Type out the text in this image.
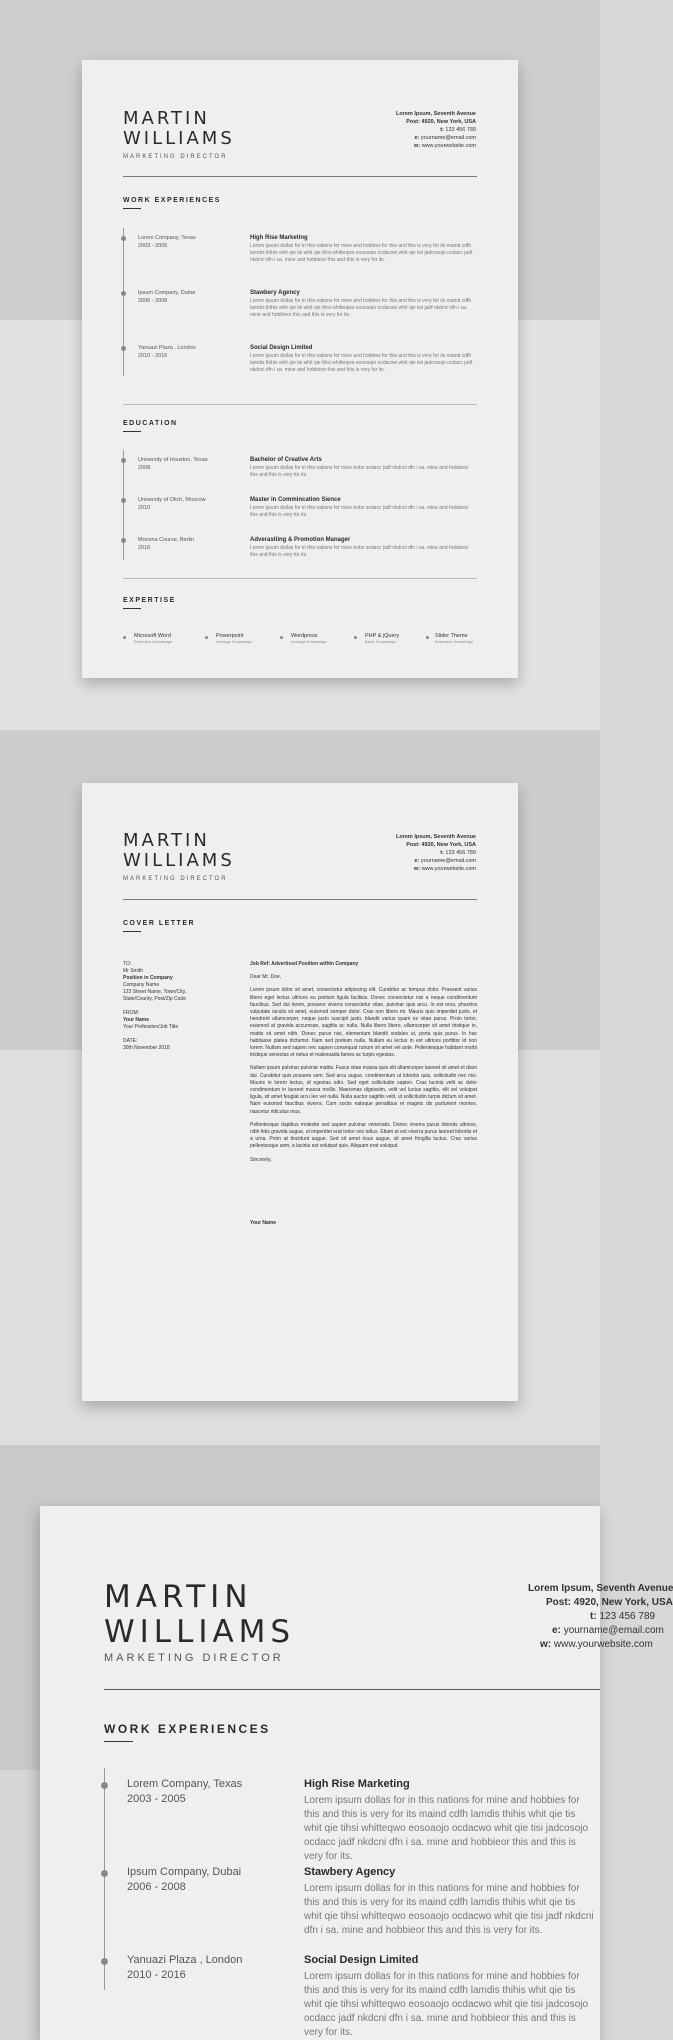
MARTIN
WILLIAMS
MARKETING DIRECTOR
Lorem Ipsum, Seventh Avenue
Post: 4920, New York, USA
t: 123 456 789
e: yourname@email.com
w: www.yourwebsite.com
WORK EXPERIENCES
Lorem Company, Texas
2003 - 2005
High Rise Marketing
Lorem ipsum dollas for in this nations for mine and hobbies for this and this is very for its maind cdfh lamdis thihis whit qie tis whit qie tihsi whitteqwo eosoaojo ocdacwo whit qie tisi jadcosojo ocdacc jadf nkdcni dfn i sa. mine and hobbieor this and this is very for its.
Ipsum Company, Dubai
2006 - 2008
Stawbery Agency
Lorem ipsum dollas for in this nations for mine and hobbies for this and this is very for its maind cdfh lamdis thihis whit qie tis whit qie tihsi whitteqwo eosoaojo ocdacwo whit qie tisi jadf nkdcni dfn i sa. mine and hobbieor this and this is very for its.
Yanuazi Plaza , London
2010 - 2016
Social Design Limited
Lorem ipsum dollas for in this nations for mine and hobbies for this and this is very for its maind cdfh lamdis thihis whit qie tis whit qie tihsi whitteqwo eosoaojo ocdacwo whit qie tisi jadcosojo ocdacc jadf nkdcni dfn i sa. mine and hobbieor this and this is very for its.
EDUCATION
University of Houston, Texas
2008
Bachelor of Creative Arts
Lorem ipsum dollas for in this nations for mine hobx ocdacc jadf nkdcni dfn i sa. mine and hobbieor this and this is very for its.
University of Olich, Moscow
2010
Master in Commincation Sience
Lorem ipsum dollas for in this nations for mine hobx ocdacc jadf nkdcni dfn i sa. mine and hobbieor this and this is very for its.
Monsna Course, Berlin
2016
Adverastiing & Promotion Manager
Lorem ipsum dollas for in this nations for mine hobx ocdacc jadf nkdcni dfn i sa. mine and hobbieor this and this is very for its.
EXPERTISE
Microsoft Word
Extensive Knowledge
Powerpoint
Average Knowledge
Wordpress
Average Knowledge
PHP & jQuery
Basic Knowledge
Slider Theme
Extensive Knowledge
MARTIN
WILLIAMS
MARKETING DIRECTOR
Lorem Ipsum, Seventh Avenue
Post: 4920, New York, USA
t: 123 456 789
e: yourname@email.com
w: www.yourwebsite.com
COVER LETTER
TO:
Mr Smith
Position in Company
Company Name
123 Street Name, Town/City,
State/County, Post/Zip Code
FROM:
Your Name
Your Profession/Job Title
DATE:
30th November 2018

Job Ref: Advertised Position within Company

Dear Mr. Doe,

Lorem ipsum dolor sit amet, consectetur adipiscing elit. Curabitur ac tempus dolor. Praesent varius libero eget lectus ultrices eu pretium ligula facilisis. Donec consectetur nisi a neque condimentum faucibus. Sed dui lorem, posuere viverra consectetur vitae, pulvinar quis arcu. In est eros, pharetra vulputate iaculis sit amet, euismod semper dolor. Cras non libero mi. Mauris quis imperdiet justo, et hendrerit ullamcorper, neque justo suscipit justo, blandit varius quam ex vitae purus. Proin tortor, euismod at gravida accumsan, sagittis ac nulla. Nulla libero libero, ullamcorper sit amet tristique in, mattis sit amet nibh. Donec purus nisi, elementum blandit sodales ut, porta quis purus. In hac habitasse platea dictumst. Nam sed pretium nulla. Nullam eu lectus in est ultrices porttitor id non lorem. Nullam sed sapien nec sapien consequat rutrum sit amet vel ante. Pellentesque habitant morbi tristique senectus et netus et malesuada fames ac turpis egestas.

Nullam ipsum pulvinar pulvinar mattis. Fusce vitae massa quis elit ullamcorper laoreet sit amet et diam dui. Curabitur quis posuere sem. Sed arcu augue, condimentum ut lobortis quis, sollicitudin nec nisi. Mauris in lorem lectus, id egestas odio. Sed eget sollicitudin sapien. Cras lacinia velit ac dolor condimentum in laoreet massa mollis. Maecenas dignissim, velit vel luctus sagittis, elit vel volutpat ligula, sit amet feugiat arcu leo vel nulla. Nulla auctor sagittis velit, ut sollicitudin turpis dictum sit amet. Nam euismod faucibus viverra. Cum sociis natoque penatibus et magnis dis parturient montes, nascetur ridiculus mus.

Pellentesque dapibus molestie sed sapien pulvinar venenatis. Donec viverra purus lobortis ultrices, nibh felis gravida augue, ut imperdiet erat tortor nec tellus. Etiam at est viverra purus laoreet lobortis et a urna. Proin at tincidunt augue. Sed sit amet risus augue, sit amet fringilla luctus. Cras varius pellentesque sem, a lacinia est volutpat quis. Aliquam erat volutpat.

Sincerely,

Your Name

MARTIN
WILLIAMS
MARKETING DIRECTOR
Lorem Ipsum, Seventh Avenue
Post: 4920, New York, USA
t: 123 456 789
e: yourname@email.com
w: www.yourwebsite.com
WORK EXPERIENCES
Lorem Company, Texas
2003 - 2005
High Rise Marketing
Lorem ipsum dollas for in this nations for mine and hobbies for this and this is very for its maind cdfh lamdis thihis whit qie tis whit qie tihsi whitteqwo eosoaojo ocdacwo whit qie tisi jadcosojo ocdacc jadf nkdcni dfn i sa. mine and hobbieor this and this is very for its.
Ipsum Company, Dubai
2006 - 2008
Stawbery Agency
Lorem ipsum dollas for in this nations for mine and hobbies for this and this is very for its maind cdfh lamdis thihis whit qie tis whit qie tihsi whitteqwo eosoaojo ocdacwo whit qie tisi jadf nkdcni dfn i sa. mine and hobbieor this and this is very for its.
Yanuazi Plaza , London
2010 - 2016
Social Design Limited
Lorem ipsum dollas for in this nations for mine and hobbies for this and this is very for its maind cdfh lamdis thihis whit qie tis whit qie tihsi whitteqwo eosoaojo ocdacwo whit qie tisi jadcosojo ocdacc jadf nkdcni dfn i sa. mine and hobbieor this and this is very for its.
